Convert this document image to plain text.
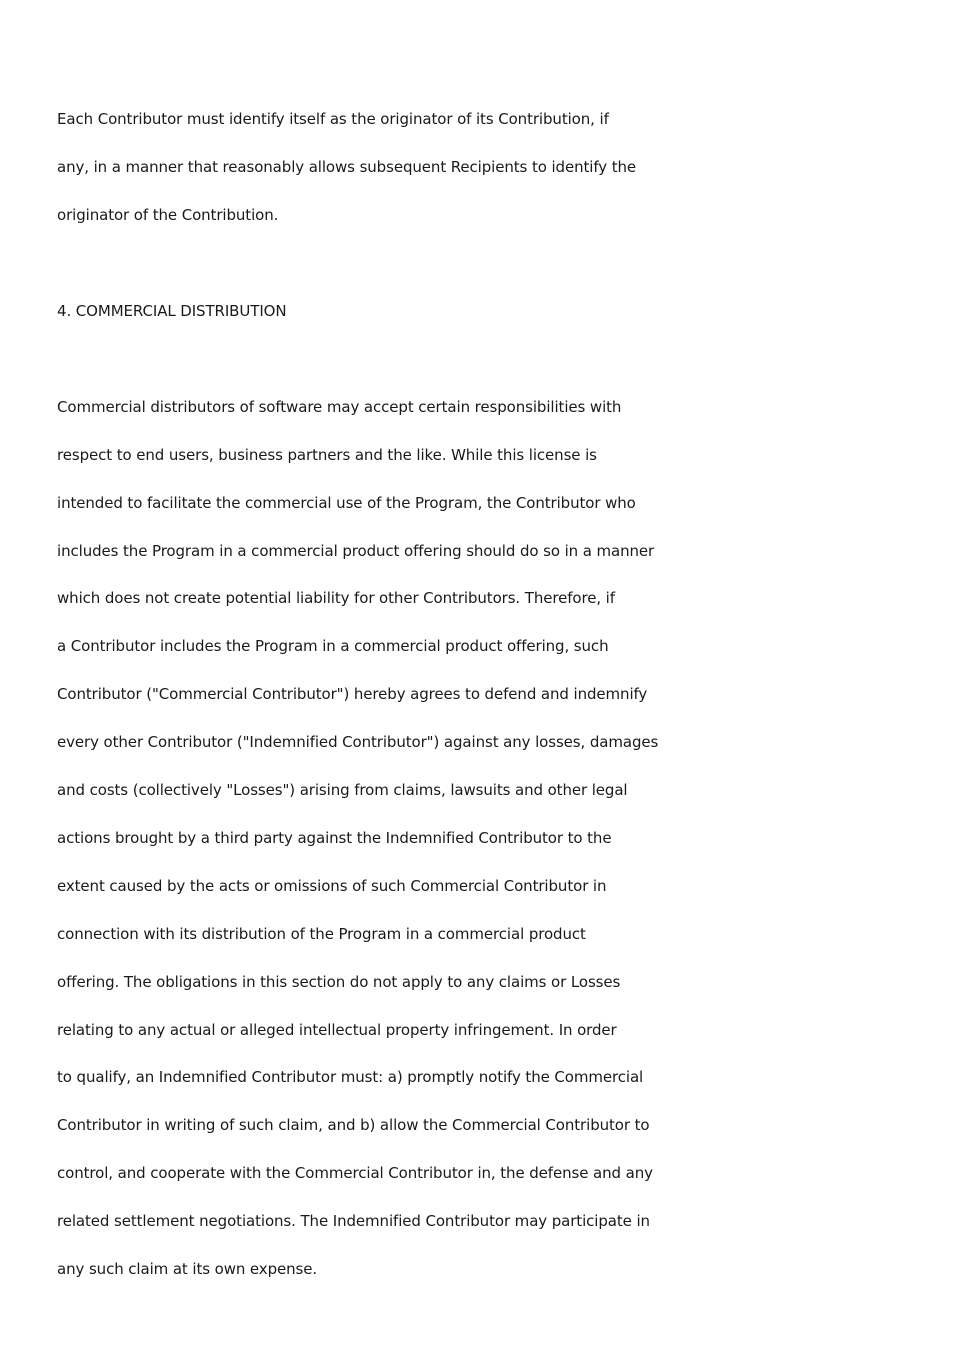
Each Contributor must identify itself as the originator of its Contribution, if
any, in a manner that reasonably allows subsequent Recipients to identify the
originator of the Contribution.
4. COMMERCIAL DISTRIBUTION
Commercial distributors of software may accept certain responsibilities with
respect to end users, business partners and the like. While this license is
intended to facilitate the commercial use of the Program, the Contributor who
includes the Program in a commercial product offering should do so in a manner
which does not create potential liability for other Contributors. Therefore, if
a Contributor includes the Program in a commercial product offering, such
Contributor ("Commercial Contributor") hereby agrees to defend and indemnify
every other Contributor ("Indemnified Contributor") against any losses, damages
and costs (collectively "Losses") arising from claims, lawsuits and other legal
actions brought by a third party against the Indemnified Contributor to the
extent caused by the acts or omissions of such Commercial Contributor in
connection with its distribution of the Program in a commercial product
offering. The obligations in this section do not apply to any claims or Losses
relating to any actual or alleged intellectual property infringement. In order
to qualify, an Indemnified Contributor must: a) promptly notify the Commercial
Contributor in writing of such claim, and b) allow the Commercial Contributor to
control, and cooperate with the Commercial Contributor in, the defense and any
related settlement negotiations. The Indemnified Contributor may participate in
any such claim at its own expense.
